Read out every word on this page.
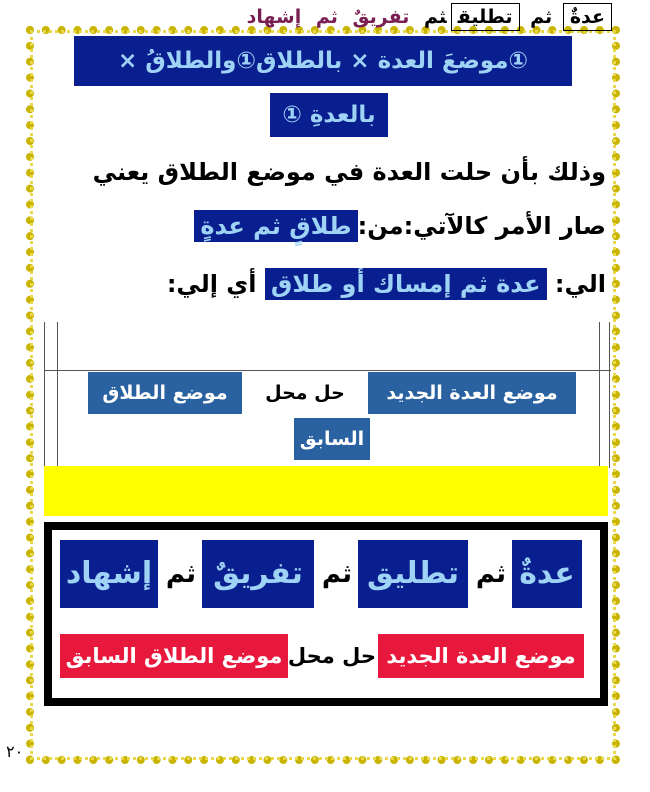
٢٠
①موضعَ العدة × بالطلاق①والطلاقُ ×
بالعدةِ ①
وذلك بأن حلت العدة في موضع الطلاق يعني
صار الأمر كالآتي:من:طلاقٍ ثم عدةٍ
الي: عدة ثم إمساك أو طلاق أي إلي:
عدةٌ ثم تطليقثم تفريقٌ ثم إشهاد
موضع العدة الجديد
حل محل
موضع الطلاق
السابق
عدةٌ
ثم
تطليق
ثم
تفريقٌ
ثم
إشهاد
موضع العدة الجديد
حل محل
موضع الطلاق السابق
